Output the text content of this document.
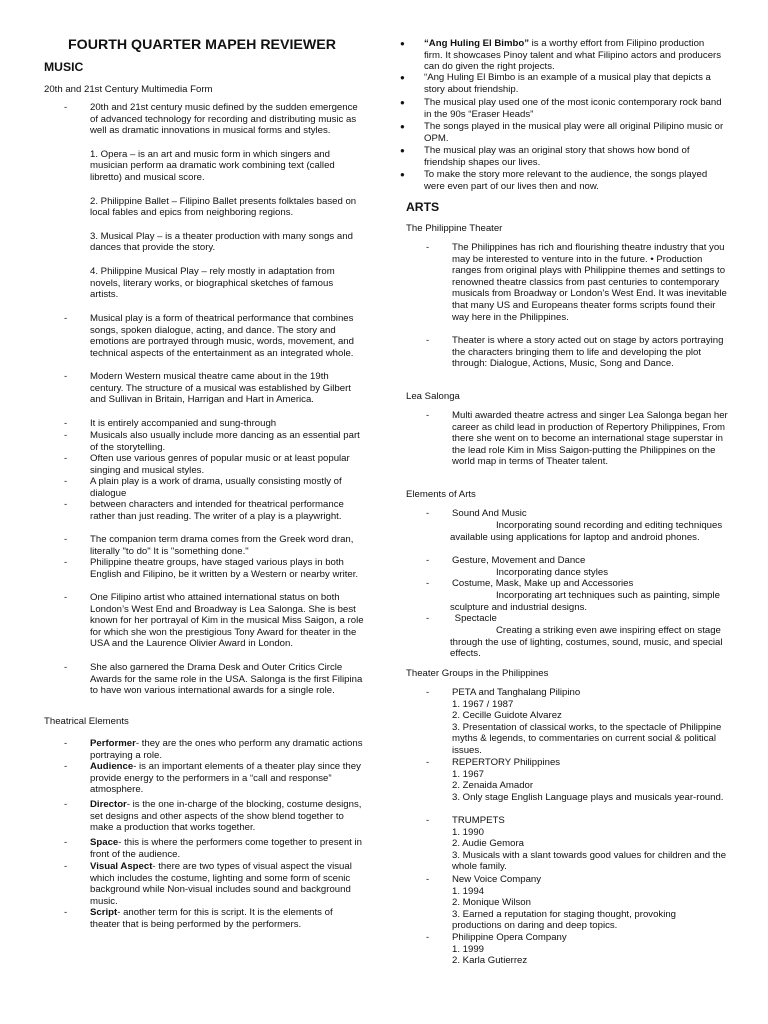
FOURTH QUARTER MAPEH REVIEWER
MUSIC

20th and 21st Century Multimedia Form

- 20th and 21st century music defined by the sudden emergence of advanced technology for recording and distributing music as well as dramatic innovations in musical forms and styles.

1. Opera – is an art and music form in which singers and musician perform aa dramatic work combining text (called libretto) and musical score.

2. Philippine Ballet – Filipino Ballet presents folktales based on local fables and epics from neighboring regions.

3. Musical Play – is a theater production with many songs and dances that provide the story.

4. Philippine Musical Play – rely mostly in adaptation from novels, literary works, or biographical sketches of famous artists.

- Musical play is a form of theatrical performance that combines songs, spoken dialogue, acting, and dance. The story and emotions are portrayed through music, words, movement, and technical aspects of the entertainment as an integrated whole.

- Modern Western musical theatre came about in the 19th century. The structure of a musical was established by Gilbert and Sullivan in Britain, Harrigan and Hart in America.

- It is entirely accompanied and sung-through

- Musicals also usually include more dancing as an essential part of the storytelling.

- Often use various genres of popular music or at least popular singing and musical styles.

- A plain play is a work of drama, usually consisting mostly of dialogue

- between characters and intended for theatrical performance rather than just reading. The writer of a play is a playwright.

- The companion term drama comes from the Greek word dran, literally "to do" It is "something done."

- Philippine theatre groups, have staged various plays in both English and Filipino, be it written by a Western or nearby writer.

- One Filipino artist who attained international status on both London’s West End and Broadway is Lea Salonga. She is best known for her portrayal of Kim in the musical Miss Saigon, a role for which she won the prestigious Tony Award for theater in the USA and the Laurence Olivier Award in London.

- She also garnered the Drama Desk and Outer Critics Circle Awards for the same role in the USA. Salonga is the first Filipina to have won various international awards for a single role.

Theatrical Elements

- Performer- they are the ones who perform any dramatic actions portraying a role.

- Audience- is an important elements of a theater play since they provide energy to the performers in a “call and response” atmosphere.

- Director- is the one in-charge of the blocking, costume designs, set designs and other aspects of the show blend together to make a production that works together.

- Space- this is where the performers come together to present in front of the audience.

- Visual Aspect- there are two types of visual aspect the visual which includes the costume, lighting and some form of scenic background while Non-visual includes sound and background music.

- Script- another term for this is script. It is the elements of theater that is being performed by the performers.

● “Ang Huling El Bimbo” is a worthy effort from Filipino production firm. It showcases Pinoy talent and what Filipino actors and producers can do given the right projects.

● “Ang Huling El Bimbo is an example of a musical play that depicts a story about friendship.

● The musical play used one of the most iconic contemporary rock band in the 90s “Eraser Heads”

● The songs played in the musical play were all original Pilipino music or OPM.

● The musical play was an original story that shows how bond of friendship shapes our lives.

● To make the story more relevant to the audience, the songs played were even part of our lives then and now.

ARTS

The Philippine Theater

- The Philippines has rich and flourishing theatre industry that you may be interested to venture into in the future. • Production ranges from original plays with Philippine themes and settings to renowned theatre classics from past centuries to contemporary musicals from Broadway or London’s West End. It was inevitable that many US and Europeans theater forms scripts found their way here in the Philippines.

- Theater is where a story acted out on stage by actors portraying the characters bringing them to life and developing the plot through: Dialogue, Actions, Music, Song and Dance.

Lea Salonga

- Multi awarded theatre actress and singer Lea Salonga began her career as child lead in production of Repertory Philippines, From there she went on to become an international stage superstar in the lead role Kim in Miss Saigon-putting the Philippines on the world map in terms of Theater talent.

Elements of Arts

- Sound And Music

Incorporating sound recording and editing techniques available using applications for laptop and android phones.

- Gesture, Movement and Dance

Incorporating dance styles

- Costume, Mask, Make up and Accessories

Incorporating art techniques such as painting, simple sculpture and industrial designs.

- Spectacle

Creating a striking even awe inspiring effect on stage through the use of lighting, costumes, sound, music, and special effects.

Theater Groups in the Philippines

- PETA and Tanghalang Pilipino

1. 1967 / 1987

2. Cecille Guidote Alvarez

3. Presentation of classical works, to the spectacle of Philippine myths & legends, to commentaries on current social & political issues.

- REPERTORY Philippines

1. 1967

2. Zenaida Amador

3. Only stage English Language plays and musicals year-round.

- TRUMPETS

1. 1990

2. Audie Gemora

3. Musicals with a slant towards good values for children and the whole family.

- New Voice Company

1. 1994

2. Monique Wilson

3. Earned a reputation for staging thought, provoking productions on daring and deep topics.

- Philippine Opera Company

1. 1999

2. Karla Gutierrez
